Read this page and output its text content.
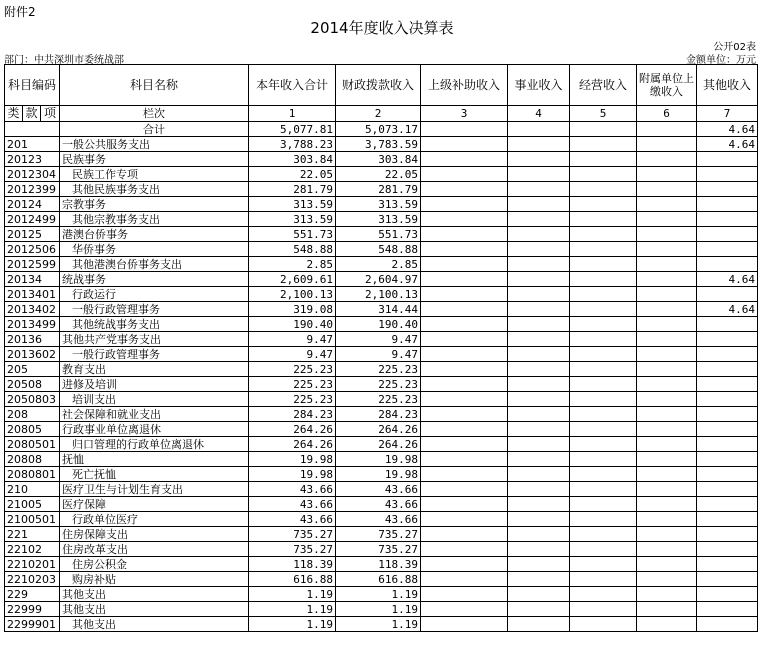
附件2
2014年度收入决算表
公开02表
部门：中共深圳市委统战部	金额单位：万元
科目编码			科目名称	本年收入合计	财政拨款收入	上级补助收入	事业收入	经营收入	附属单位上缴收入	其他收入
类	款	项								
			栏次	1	2	3	4	5	6	7
			合计	5,077.81	5,073.17					4.64
201			一般公共服务支出	3,788.23	3,783.59					4.64
20123			民族事务	303.84	303.84					
2012304			民族工作专项	22.05	22.05					
2012399			其他民族事务支出	281.79	281.79					
20124			宗教事务	313.59	313.59					
2012499			其他宗教事务支出	313.59	313.59					
20125			港澳台侨事务	551.73	551.73					
2012506			华侨事务	548.88	548.88					
2012599			其他港澳台侨事务支出	2.85	2.85					
20134			统战事务	2,609.61	2,604.97					4.64
2013401			行政运行	2,100.13	2,100.13					
2013402			一般行政管理事务	319.08	314.44					4.64
2013499			其他统战事务支出	190.40	190.40					
20136			其他共产党事务支出	9.47	9.47					
2013602			一般行政管理事务	9.47	9.47					
205			教育支出	225.23	225.23					
20508			进修及培训	225.23	225.23					
2050803			培训支出	225.23	225.23					
208			社会保障和就业支出	284.23	284.23					
20805			行政事业单位离退休	264.26	264.26					
2080501			归口管理的行政单位离退休	264.26	264.26					
20808			抚恤	19.98	19.98					
2080801			死亡抚恤	19.98	19.98					
210			医疗卫生与计划生育支出	43.66	43.66					
21005			医疗保障	43.66	43.66					
2100501			行政单位医疗	43.66	43.66					
221			住房保障支出	735.27	735.27					
22102			住房改革支出	735.27	735.27					
2210201			住房公积金	118.39	118.39					
2210203			购房补贴	616.88	616.88					
229			其他支出	1.19	1.19					
22999			其他支出	1.19	1.19					
2299901			其他支出	1.19	1.19					
